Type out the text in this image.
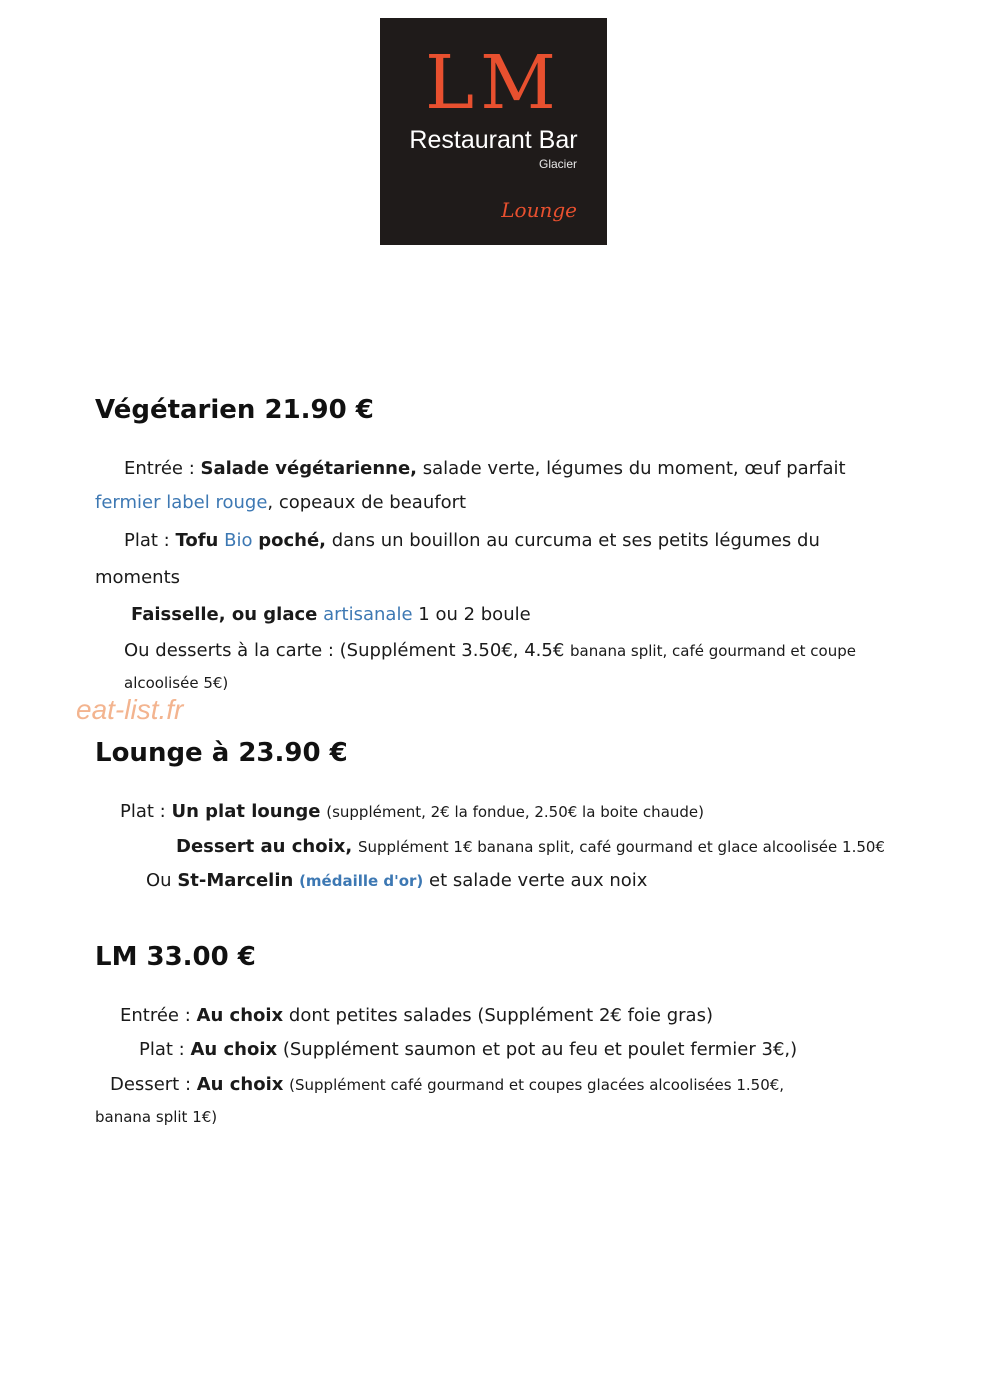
LM
Restaurant Bar
Glacier
Lounge
Végétarien 21.90 €
Entrée : Salade végétarienne, salade verte, légumes du moment, œuf parfait
fermier label rouge, copeaux de beaufort
Plat : Tofu Bio poché, dans un bouillon au curcuma et ses petits légumes du
moments
Faisselle, ou glace artisanale 1 ou 2 boule
Ou desserts à la carte : (Supplément 3.50€, 4.5€ banana split, café gourmand et coupe
alcoolisée 5€)
eat-list.fr
Lounge à 23.90 €
Plat : Un plat lounge (supplément, 2€ la fondue, 2.50€ la boite chaude)
Dessert au choix, Supplément 1€ banana split, café gourmand et glace alcoolisée 1.50€
Ou St-Marcelin (médaille d'or) et salade verte aux noix
LM 33.00 €
Entrée : Au choix dont petites salades (Supplément 2€ foie gras)
Plat : Au choix (Supplément saumon et pot au feu et poulet fermier 3€,)
Dessert : Au choix (Supplément café gourmand et coupes glacées alcoolisées 1.50€,
banana split 1€)
